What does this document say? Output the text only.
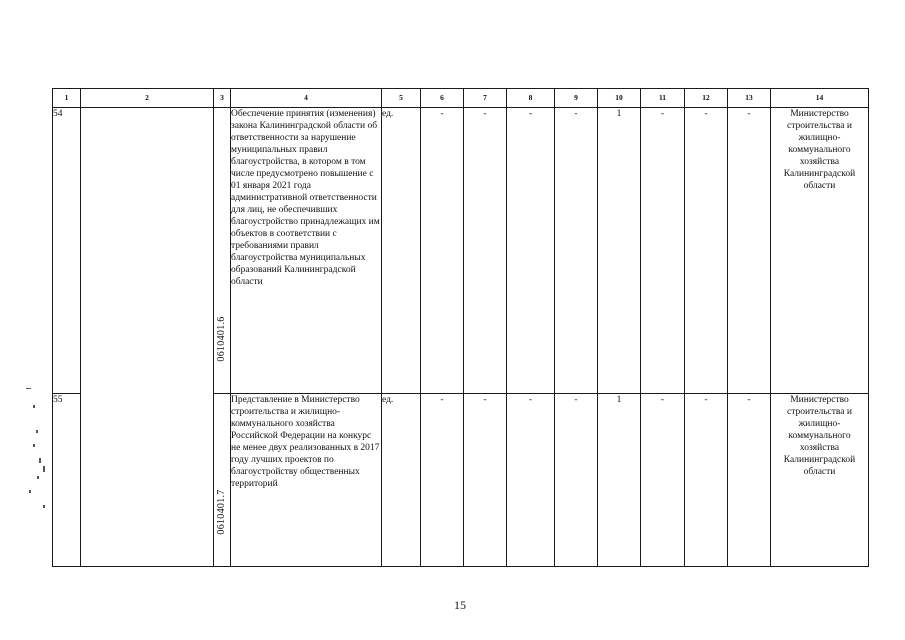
1	2	3	4	5	6	7	8	9	10	11	12	13	14
54		0610401.6	Обеспечение принятия (изменения) закона Калининградской области об ответственности за нарушение муниципальных правил благоустройства, в котором в том числе предусмотрено повышение с 01 января 2021 года административной ответственности для лиц, не обеспечивших благоустройство принадлежащих им объектов в соответствии с требованиями правил благоустройства муниципальных образований Калининградской области	ед.	-	-	-	-	1	-	-	-	Министерство строительства и жилищно-коммунального хозяйства Калининградской области
55		0610401.7	Представление в Министерство строительства и жилищно-коммунального хозяйства Российской Федерации на конкурс не менее двух реализованных в 2017 году лучших проектов по благоустройству общественных территорий	ед.	-	-	-	-	1	-	-	-	Министерство строительства и жилищно-коммунального хозяйства Калининградской области
15
